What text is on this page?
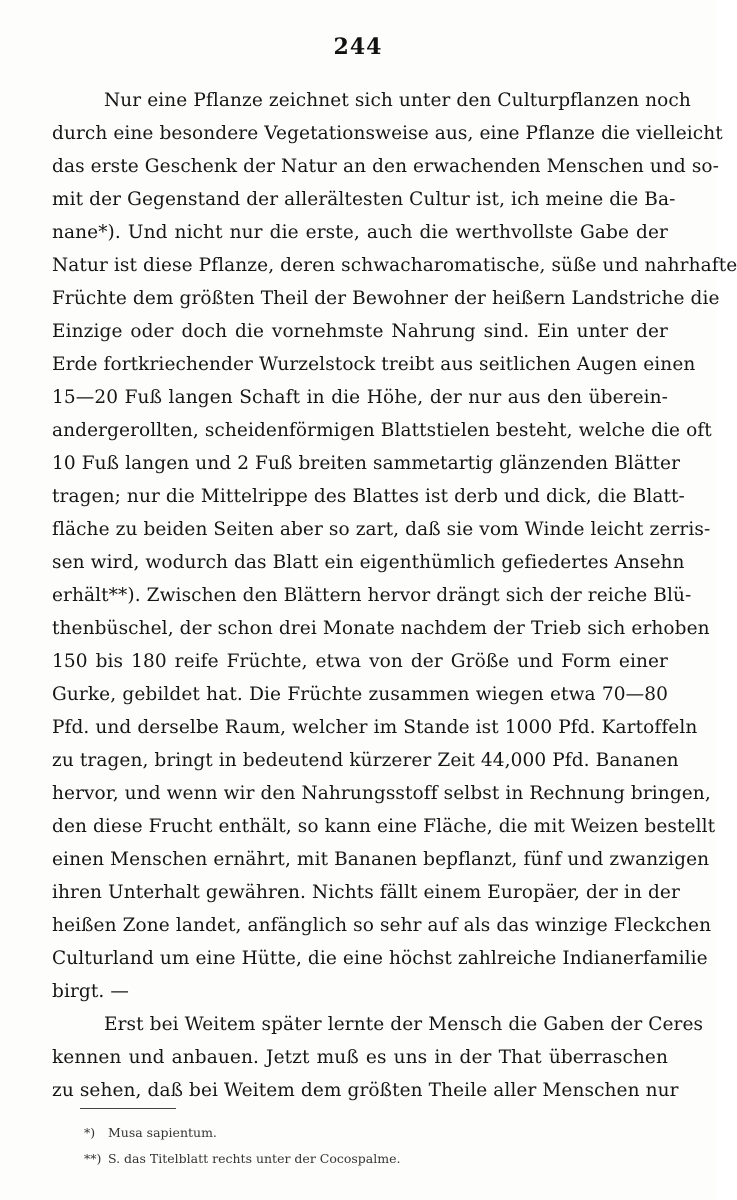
244
Nur eine Pflanze zeichnet sich unter den Culturpflanzen noch
durch eine besondere Vegetationsweise aus, eine Pflanze die vielleicht
das erste Geschenk der Natur an den erwachenden Menschen und so-
mit der Gegenstand der allerältesten Cultur ist, ich meine die Ba-
nane*). Und nicht nur die erste, auch die werthvollste Gabe der
Natur ist diese Pflanze, deren schwacharomatische, süße und nahrhafte
Früchte dem größten Theil der Bewohner der heißern Landstriche die
Einzige oder doch die vornehmste Nahrung sind. Ein unter der
Erde fortkriechender Wurzelstock treibt aus seitlichen Augen einen
15—20 Fuß langen Schaft in die Höhe, der nur aus den überein-
andergerollten, scheidenförmigen Blattstielen besteht, welche die oft
10 Fuß langen und 2 Fuß breiten sammetartig glänzenden Blätter
tragen; nur die Mittelrippe des Blattes ist derb und dick, die Blatt-
fläche zu beiden Seiten aber so zart, daß sie vom Winde leicht zerris-
sen wird, wodurch das Blatt ein eigenthümlich gefiedertes Ansehn
erhält**). Zwischen den Blättern hervor drängt sich der reiche Blü-
thenbüschel, der schon drei Monate nachdem der Trieb sich erhoben
150 bis 180 reife Früchte, etwa von der Größe und Form einer
Gurke, gebildet hat. Die Früchte zusammen wiegen etwa 70—80
Pfd. und derselbe Raum, welcher im Stande ist 1000 Pfd. Kartoffeln
zu tragen, bringt in bedeutend kürzerer Zeit 44,000 Pfd. Bananen
hervor, und wenn wir den Nahrungsstoff selbst in Rechnung bringen,
den diese Frucht enthält, so kann eine Fläche, die mit Weizen bestellt
einen Menschen ernährt, mit Bananen bepflanzt, fünf und zwanzigen
ihren Unterhalt gewähren. Nichts fällt einem Europäer, der in der
heißen Zone landet, anfänglich so sehr auf als das winzige Fleckchen
Culturland um eine Hütte, die eine höchst zahlreiche Indianerfamilie
birgt. —
Erst bei Weitem später lernte der Mensch die Gaben der Ceres
kennen und anbauen. Jetzt muß es uns in der That überraschen
zu sehen, daß bei Weitem dem größten Theile aller Menschen nur
*) Musa sapientum.
**) S. das Titelblatt rechts unter der Cocospalme.
